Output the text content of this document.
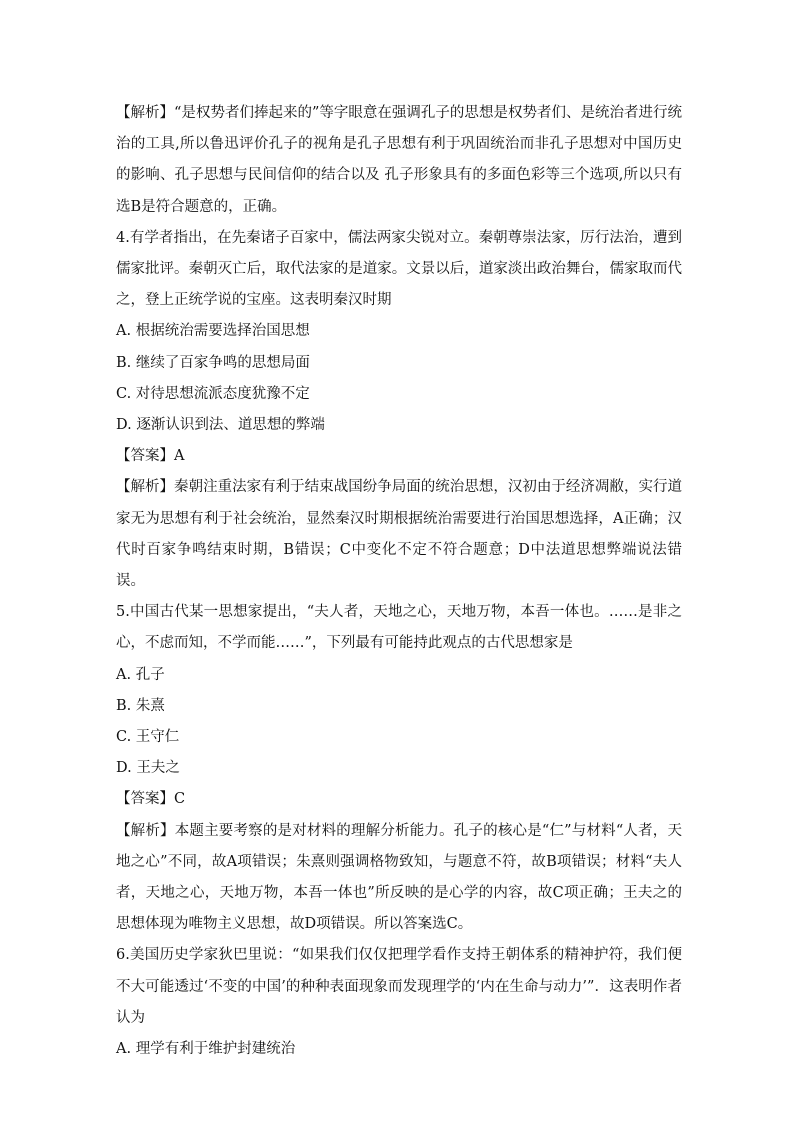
【解析】“是权势者们捧起来的”等字眼意在强调孔子的思想是权势者们、是统治者进行统治的工具,所以鲁迅评价孔子的视角是孔子思想有利于巩固统治而非孔子思想对中国历史的影响、孔子思想与民间信仰的结合以及 孔子形象具有的多面色彩等三个选项,所以只有选B是符合题意的，正确。

4.有学者指出，在先秦诸子百家中，儒法两家尖锐对立。秦朝尊崇法家，厉行法治，遭到儒家批评。秦朝灭亡后，取代法家的是道家。文景以后，道家淡出政治舞台，儒家取而代之，登上正统学说的宝座。这表明秦汉时期

A. 根据统治需要选择治国思想

B. 继续了百家争鸣的思想局面

C. 对待思想流派态度犹豫不定

D. 逐渐认识到法、道思想的弊端

【答案】A

【解析】秦朝注重法家有利于结束战国纷争局面的统治思想，汉初由于经济凋敝，实行道家无为思想有利于社会统治，显然秦汉时期根据统治需要进行治国思想选择，A正确；汉代时百家争鸣结束时期，B错误；C中变化不定不符合题意；D中法道思想弊端说法错误。

5.中国古代某一思想家提出，“夫人者，天地之心，天地万物，本吾一体也。……是非之心，不虑而知，不学而能……”，下列最有可能持此观点的古代思想家是

A. 孔子

B. 朱熹

C. 王守仁

D. 王夫之

【答案】C

【解析】本题主要考察的是对材料的理解分析能力。孔子的核心是“仁”与材料“人者，天地之心”不同，故A项错误；朱熹则强调格物致知，与题意不符，故B项错误；材料“夫人者，天地之心，天地万物，本吾一体也”所反映的是心学的内容，故C项正确；王夫之的思想体现为唯物主义思想，故D项错误。所以答案选C。

6.美国历史学家狄巴里说：“如果我们仅仅把理学看作支持王朝体系的精神护符，我们便不大可能透过‘不变的中国’的种种表面现象而发现理学的‘内在生命与动力’”．这表明作者认为

A. 理学有利于维护封建统治
